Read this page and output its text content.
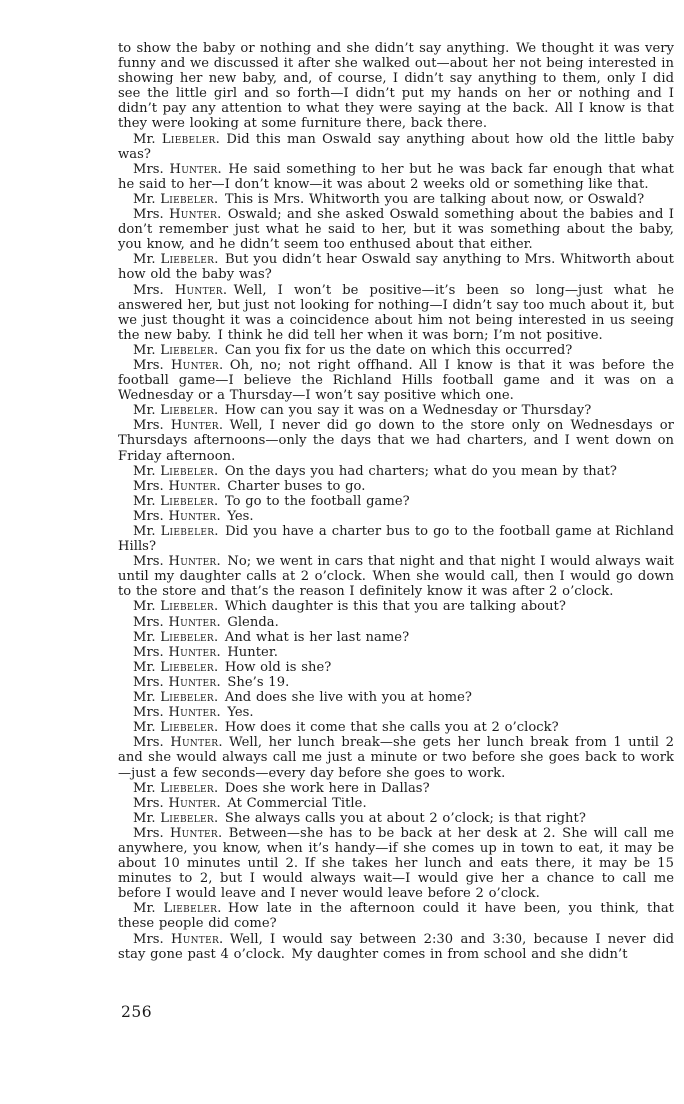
to show the baby or nothing and she didn’t say anything. We thought it was very funny and we discussed it after she walked out—about her not being interested in showing her new baby, and, of course, I didn’t say anything to them, only I did see the little girl and so forth—I didn’t put my hands on her or nothing and I didn’t pay any attention to what they were saying at the back. All I know is that they were looking at some furniture there, back there.

Mr. Liebeler. Did this man Oswald say anything about how old the little baby was?

Mrs. Hunter. He said something to her but he was back far enough that what he said to her—I don’t know—it was about 2 weeks old or something like that.

Mr. Liebeler. This is Mrs. Whitworth you are talking about now, or Oswald?

Mrs. Hunter. Oswald; and she asked Oswald something about the babies and I don’t remember just what he said to her, but it was something about the baby, you know, and he didn’t seem too enthused about that either.

Mr. Liebeler. But you didn’t hear Oswald say anything to Mrs. Whitworth about how old the baby was?

Mrs. Hunter. Well, I won’t be positive—it’s been so long—just what he answered her, but just not looking for nothing—I didn’t say too much about it, but we just thought it was a coincidence about him not being interested in us seeing the new baby. I think he did tell her when it was born; I’m not positive.

Mr. Liebeler. Can you fix for us the date on which this occurred?

Mrs. Hunter. Oh, no; not right offhand. All I know is that it was before the football game—I believe the Richland Hills football game and it was on a Wednesday or a Thursday—I won’t say positive which one.

Mr. Liebeler. How can you say it was on a Wednesday or Thursday?

Mrs. Hunter. Well, I never did go down to the store only on Wednesdays or Thursdays afternoons—only the days that we had charters, and I went down on Friday afternoon.

Mr. Liebeler. On the days you had charters; what do you mean by that?

Mrs. Hunter. Charter buses to go.

Mr. Liebeler. To go to the football game?

Mrs. Hunter. Yes.

Mr. Liebeler. Did you have a charter bus to go to the football game at Richland Hills?

Mrs. Hunter. No; we went in cars that night and that night I would always wait until my daughter calls at 2 o’clock. When she would call, then I would go down to the store and that’s the reason I definitely know it was after 2 o’clock.

Mr. Liebeler. Which daughter is this that you are talking about?

Mrs. Hunter. Glenda.

Mr. Liebeler. And what is her last name?

Mrs. Hunter. Hunter.

Mr. Liebeler. How old is she?

Mrs. Hunter. She’s 19.

Mr. Liebeler. And does she live with you at home?

Mrs. Hunter. Yes.

Mr. Liebeler. How does it come that she calls you at 2 o’clock?

Mrs. Hunter. Well, her lunch break—she gets her lunch break from 1 until 2 and she would always call me just a minute or two before she goes back to work—just a few seconds—every day before she goes to work.

Mr. Liebeler. Does she work here in Dallas?

Mrs. Hunter. At Commercial Title.

Mr. Liebeler. She always calls you at about 2 o’clock; is that right?

Mrs. Hunter. Between—she has to be back at her desk at 2. She will call me anywhere, you know, when it’s handy—if she comes up in town to eat, it may be about 10 minutes until 2. If she takes her lunch and eats there, it may be 15 minutes to 2, but I would always wait—I would give her a chance to call me before I would leave and I never would leave before 2 o’clock.

Mr. Liebeler. How late in the afternoon could it have been, you think, that these people did come?

Mrs. Hunter. Well, I would say between 2:30 and 3:30, because I never did stay gone past 4 o’clock. My daughter comes in from school and she didn’t

256
